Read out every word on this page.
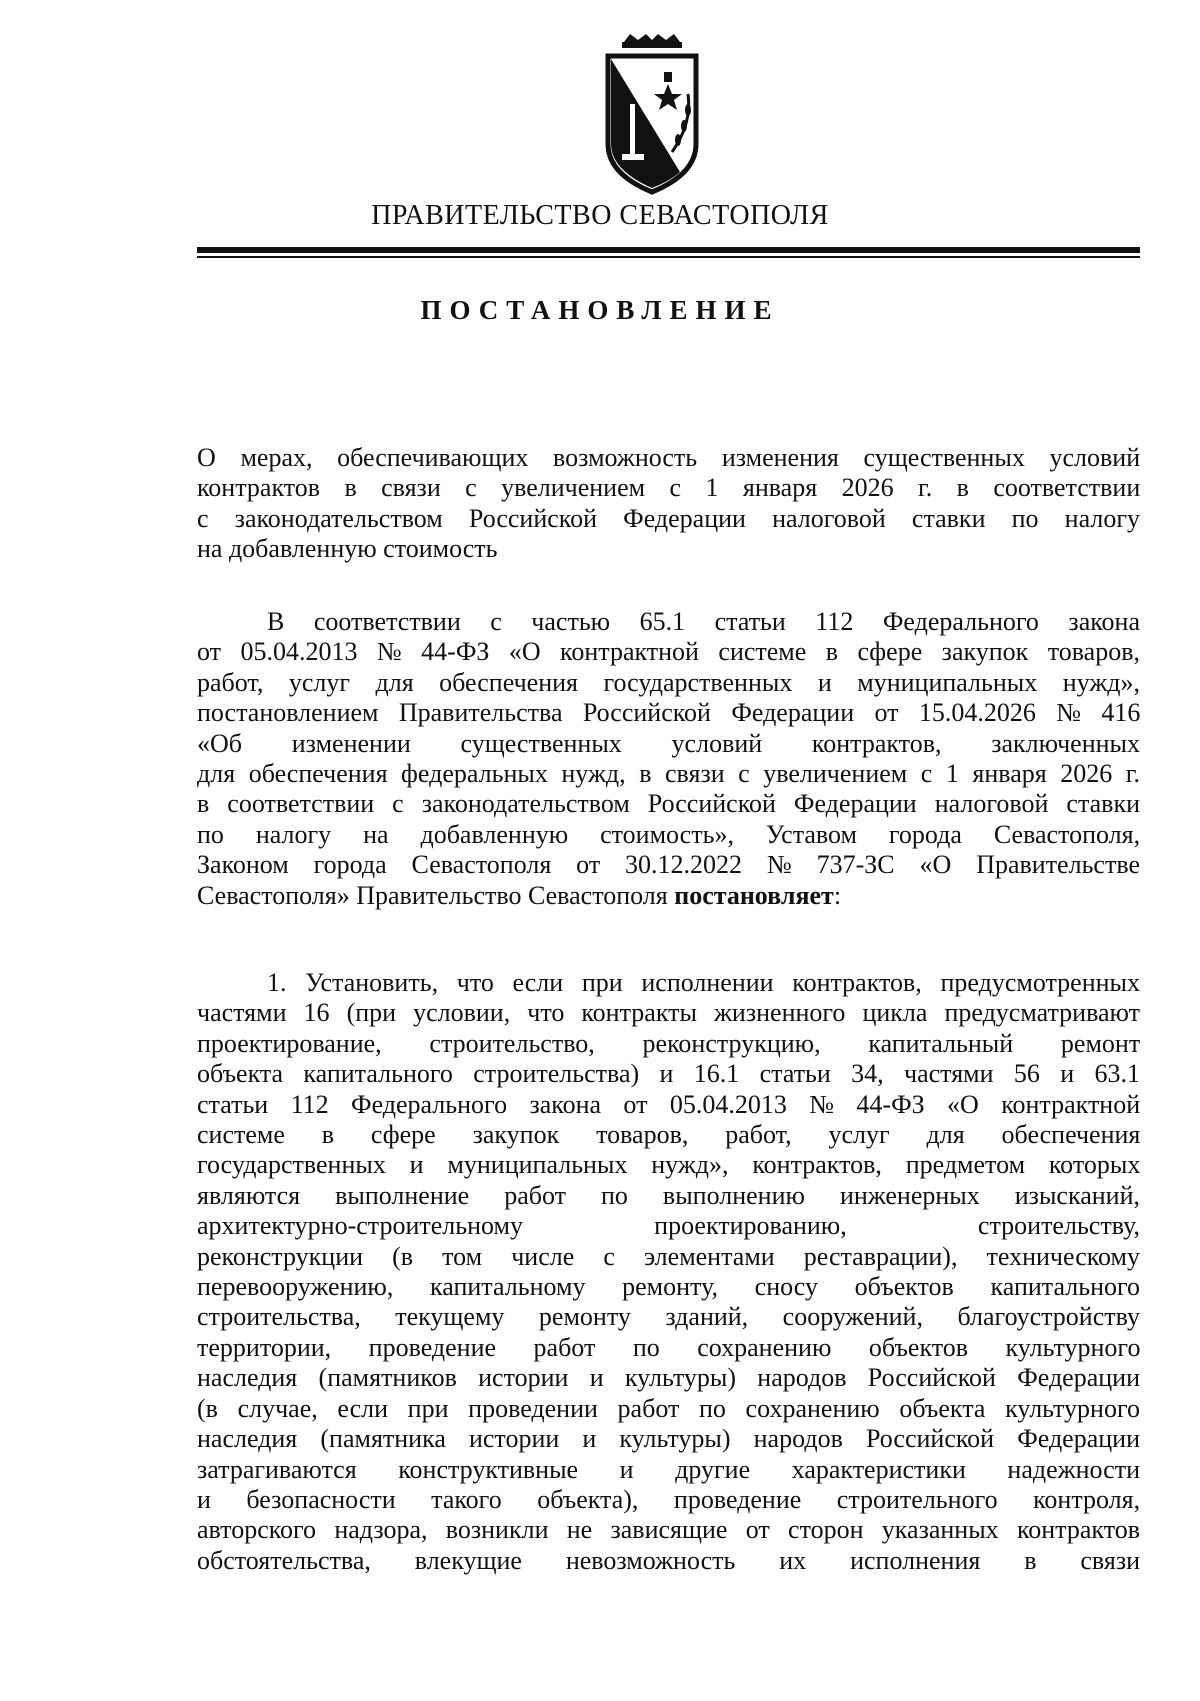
ПРАВИТЕЛЬСТВО СЕВАСТОПОЛЯ
ПОСТАНОВЛЕНИЕ
О мерах, обеспечивающих возможность изменения существенных условий
контрактов в связи с увеличением с 1 января 2026 г. в соответствии
с законодательством Российской Федерации налоговой ставки по налогу
на добавленную стоимость
В соответствии с частью 65.1 статьи 112 Федерального закона
от 05.04.2013 № 44-ФЗ «О контрактной системе в сфере закупок товаров,
работ, услуг для обеспечения государственных и муниципальных нужд»,
постановлением Правительства Российской Федерации от 15.04.2026 № 416
«Об изменении существенных условий контрактов, заключенных
для обеспечения федеральных нужд, в связи с увеличением с 1 января 2026 г.
в соответствии с законодательством Российской Федерации налоговой ставки
по налогу на добавленную стоимость», Уставом города Севастополя,
Законом города Севастополя от 30.12.2022 № 737-ЗС «О Правительстве
Севастополя» Правительство Севастополя постановляет:
1. Установить, что если при исполнении контрактов, предусмотренных
частями 16 (при условии, что контракты жизненного цикла предусматривают
проектирование, строительство, реконструкцию, капитальный ремонт
объекта капитального строительства) и 16.1 статьи 34, частями 56 и 63.1
статьи 112 Федерального закона от 05.04.2013 № 44-ФЗ «О контрактной
системе в сфере закупок товаров, работ, услуг для обеспечения
государственных и муниципальных нужд», контрактов, предметом которых
являются выполнение работ по выполнению инженерных изысканий,
архитектурно-строительному проектированию, строительству,
реконструкции (в том числе с элементами реставрации), техническому
перевооружению, капитальному ремонту, сносу объектов капитального
строительства, текущему ремонту зданий, сооружений, благоустройству
территории, проведение работ по сохранению объектов культурного
наследия (памятников истории и культуры) народов Российской Федерации
(в случае, если при проведении работ по сохранению объекта культурного
наследия (памятника истории и культуры) народов Российской Федерации
затрагиваются конструктивные и другие характеристики надежности
и безопасности такого объекта), проведение строительного контроля,
авторского надзора, возникли не зависящие от сторон указанных контрактов
обстоятельства, влекущие невозможность их исполнения в связи
